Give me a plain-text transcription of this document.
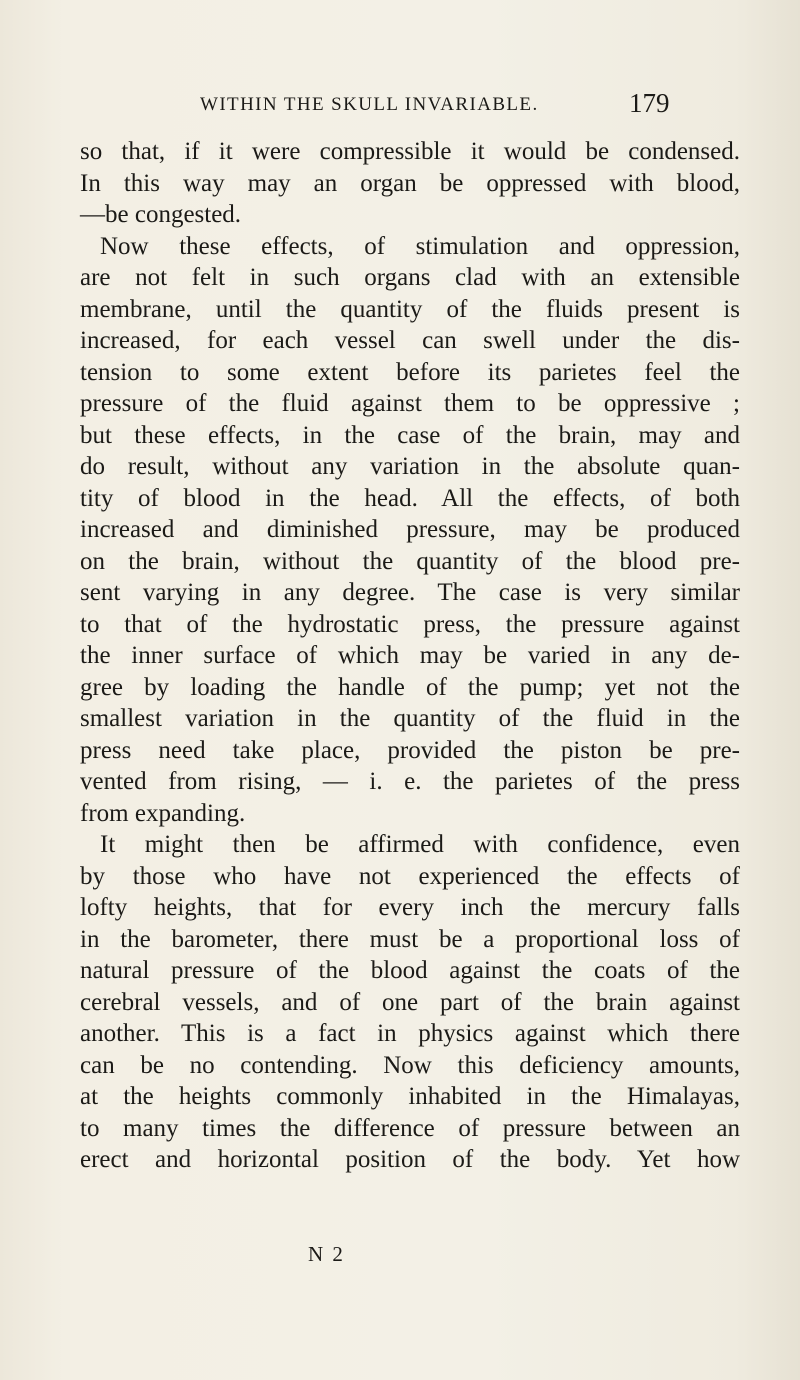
WITHIN THE SKULL INVARIABLE.	179
so that, if it were compressible it would be condensed.
In this way may an organ be oppressed with blood,
—be congested.
Now these effects, of stimulation and oppression,
are not felt in such organs clad with an extensible
membrane, until the quantity of the fluids present is
increased, for each vessel can swell under the dis-
tension to some extent before its parietes feel the
pressure of the fluid against them to be oppressive ;
but these effects, in the case of the brain, may and
do result, without any variation in the absolute quan-
tity of blood in the head. All the effects, of both
increased and diminished pressure, may be produced
on the brain, without the quantity of the blood pre-
sent varying in any degree. The case is very similar
to that of the hydrostatic press, the pressure against
the inner surface of which may be varied in any de-
gree by loading the handle of the pump; yet not the
smallest variation in the quantity of the fluid in the
press need take place, provided the piston be pre-
vented from rising, — i. e. the parietes of the press
from expanding.
It might then be affirmed with confidence, even
by those who have not experienced the effects of
lofty heights, that for every inch the mercury falls
in the barometer, there must be a proportional loss of
natural pressure of the blood against the coats of the
cerebral vessels, and of one part of the brain against
another. This is a fact in physics against which there
can be no contending. Now this deficiency amounts,
at the heights commonly inhabited in the Himalayas,
to many times the difference of pressure between an
erect and horizontal position of the body. Yet how
N 2
